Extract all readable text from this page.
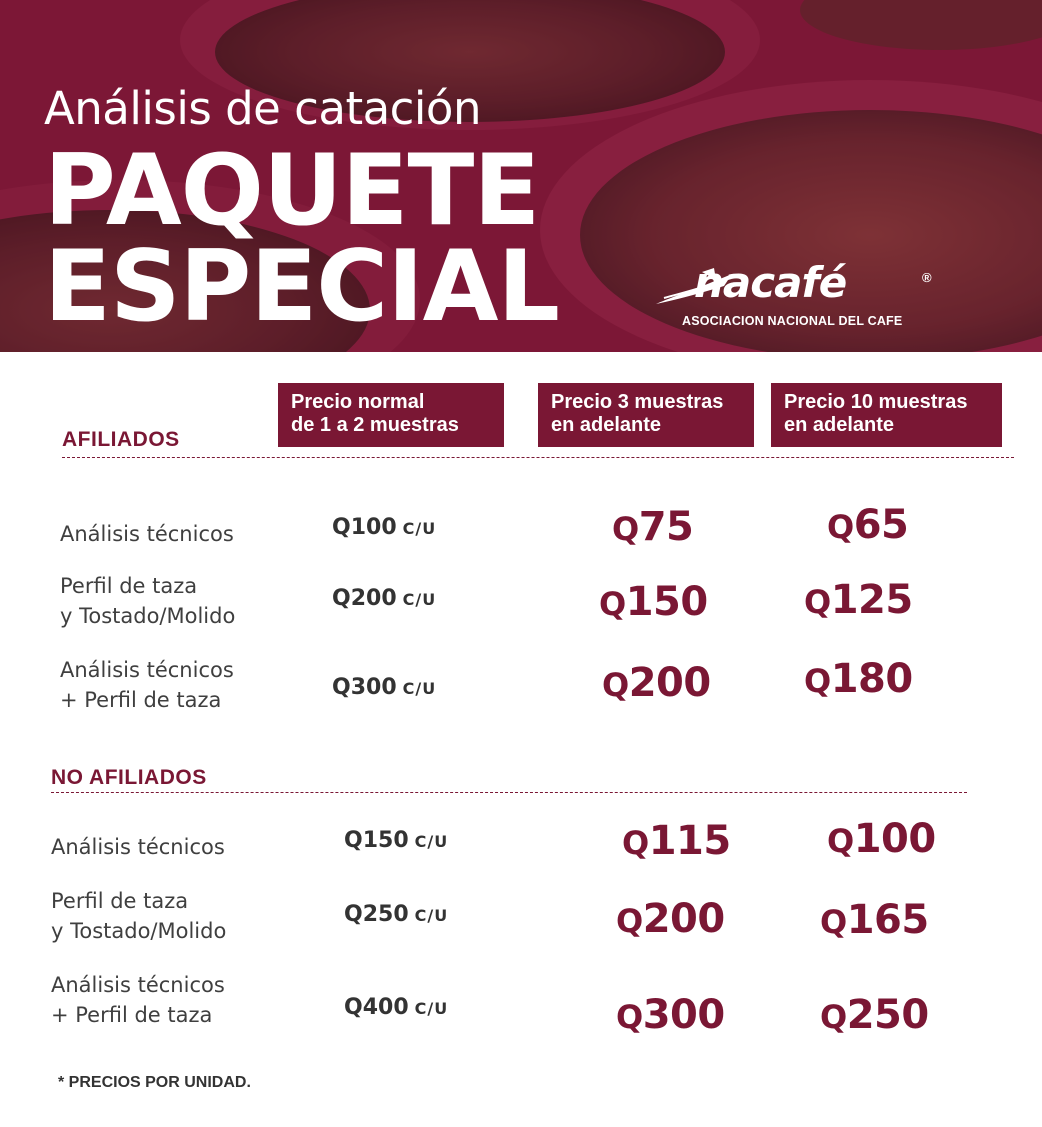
Análisis de catación
PAQUETE
ESPECIAL	nacafé	®
ASOCIACION NACIONAL DEL CAFE
Precio normal
de 1 a 2 muestras
Precio 3 muestras
en adelante
Precio 10 muestras
en adelante
AFILIADOS
Análisis técnicos	Q100 C/U	Q75	Q65
Perfil de taza
y Tostado/Molido
Q200 C/U	Q150	Q125
Análisis técnicos
+ Perfil de taza	Q300 C/U	Q200	Q180
NO AFILIADOS
Análisis técnicos	Q150 C/U	Q115	Q100
Perfil de taza
y Tostado/Molido
Q250 C/U	Q200	Q165
Análisis técnicos
+ Perfil de taza	Q400 C/U	Q300	Q250
* PRECIOS POR UNIDAD.
